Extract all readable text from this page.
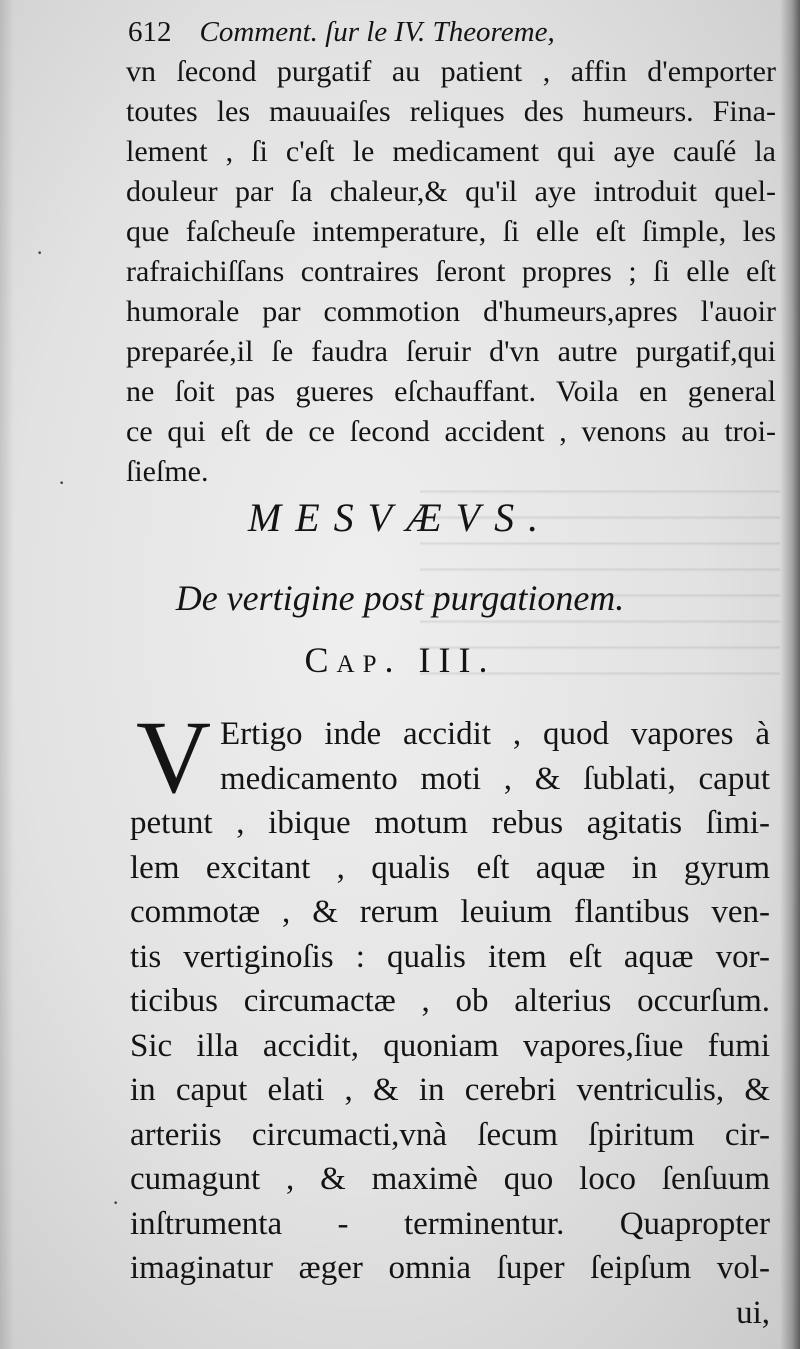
612 Comment. ſur le IV. Theoreme,
vn ſecond purgatif au patient , affin d'emporter
toutes les mauuaiſes reliques des humeurs. Fina-
lement , ſi c'eſt le medicament qui aye cauſé la
douleur par ſa chaleur,& qu'il aye introduit quel-
que faſcheuſe intemperature, ſi elle eſt ſimple, les
rafraichiſſans contraires ſeront propres ; ſi elle eſt
humorale par commotion d'humeurs,apres l'auoir
preparée,il ſe faudra ſeruir d'vn autre purgatif,qui
ne ſoit pas gueres eſchauffant. Voila en general
ce qui eſt de ce ſecond accident , venons au troi-
ſieſme.
MESVÆVS.
De vertigine post purgationem.
Cap. III.
V Ertigo inde accidit , quod vapores à
medicamento moti , & ſublati, caput
petunt , ibique motum rebus agitatis ſimi-
lem excitant , qualis eſt aquæ in gyrum
commotæ , & rerum leuium flantibus ven-
tis vertiginoſis : qualis item eſt aquæ vor-
ticibus circumactæ , ob alterius occurſum.
Sic illa accidit, quoniam vapores,ſiue fumi
in caput elati , & in cerebri ventriculis, &
arteriis circumacti,vnà ſecum ſpiritum cir-
cumagunt , & maximè quo loco ſenſuum
inſtrumenta - terminentur. Quapropter
imaginatur æger omnia ſuper ſeipſum vol-
ui,
·
·
·
